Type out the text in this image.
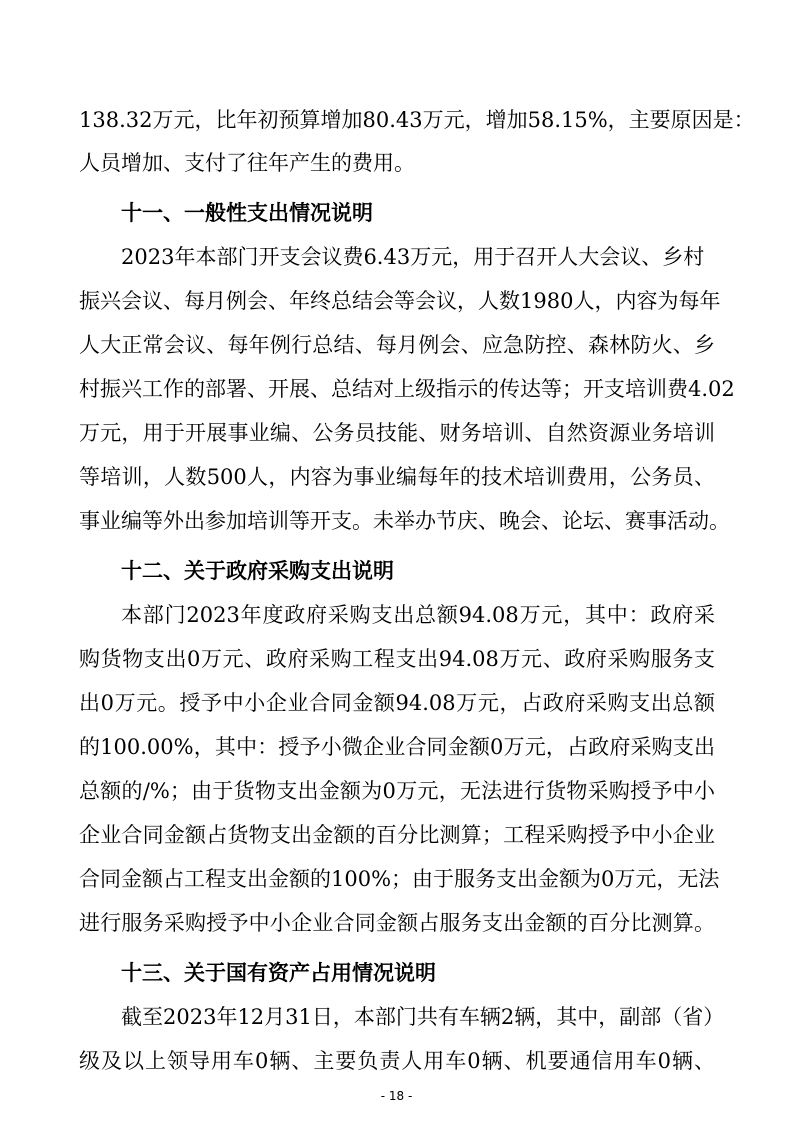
138.32万元，比年初预算增加80.43万元，增加58.15%，主要原因是：
人员增加、支付了往年产生的费用。
十一、一般性支出情况说明
2023年本部门开支会议费6.43万元，用于召开人大会议、乡村
振兴会议、每月例会、年终总结会等会议，人数1980人，内容为每年
人大正常会议、每年例行总结、每月例会、应急防控、森林防火、乡
村振兴工作的部署、开展、总结对上级指示的传达等；开支培训费4.02
万元，用于开展事业编、公务员技能、财务培训、自然资源业务培训
等培训，人数500人，内容为事业编每年的技术培训费用，公务员、
事业编等外出参加培训等开支。未举办节庆、晚会、论坛、赛事活动。
十二、关于政府采购支出说明
本部门2023年度政府采购支出总额94.08万元，其中：政府采
购货物支出0万元、政府采购工程支出94.08万元、政府采购服务支
出0万元。授予中小企业合同金额94.08万元，占政府采购支出总额
的100.00%，其中：授予小微企业合同金额0万元，占政府采购支出
总额的/%；由于货物支出金额为0万元，无法进行货物采购授予中小
企业合同金额占货物支出金额的百分比测算；工程采购授予中小企业
合同金额占工程支出金额的100%；由于服务支出金额为0万元，无法
进行服务采购授予中小企业合同金额占服务支出金额的百分比测算。
十三、关于国有资产占用情况说明
- 18 -
截至2023年12月31日，本部门共有车辆2辆，其中，副部（省）
级及以上领导用车0辆、主要负责人用车0辆、机要通信用车0辆、
